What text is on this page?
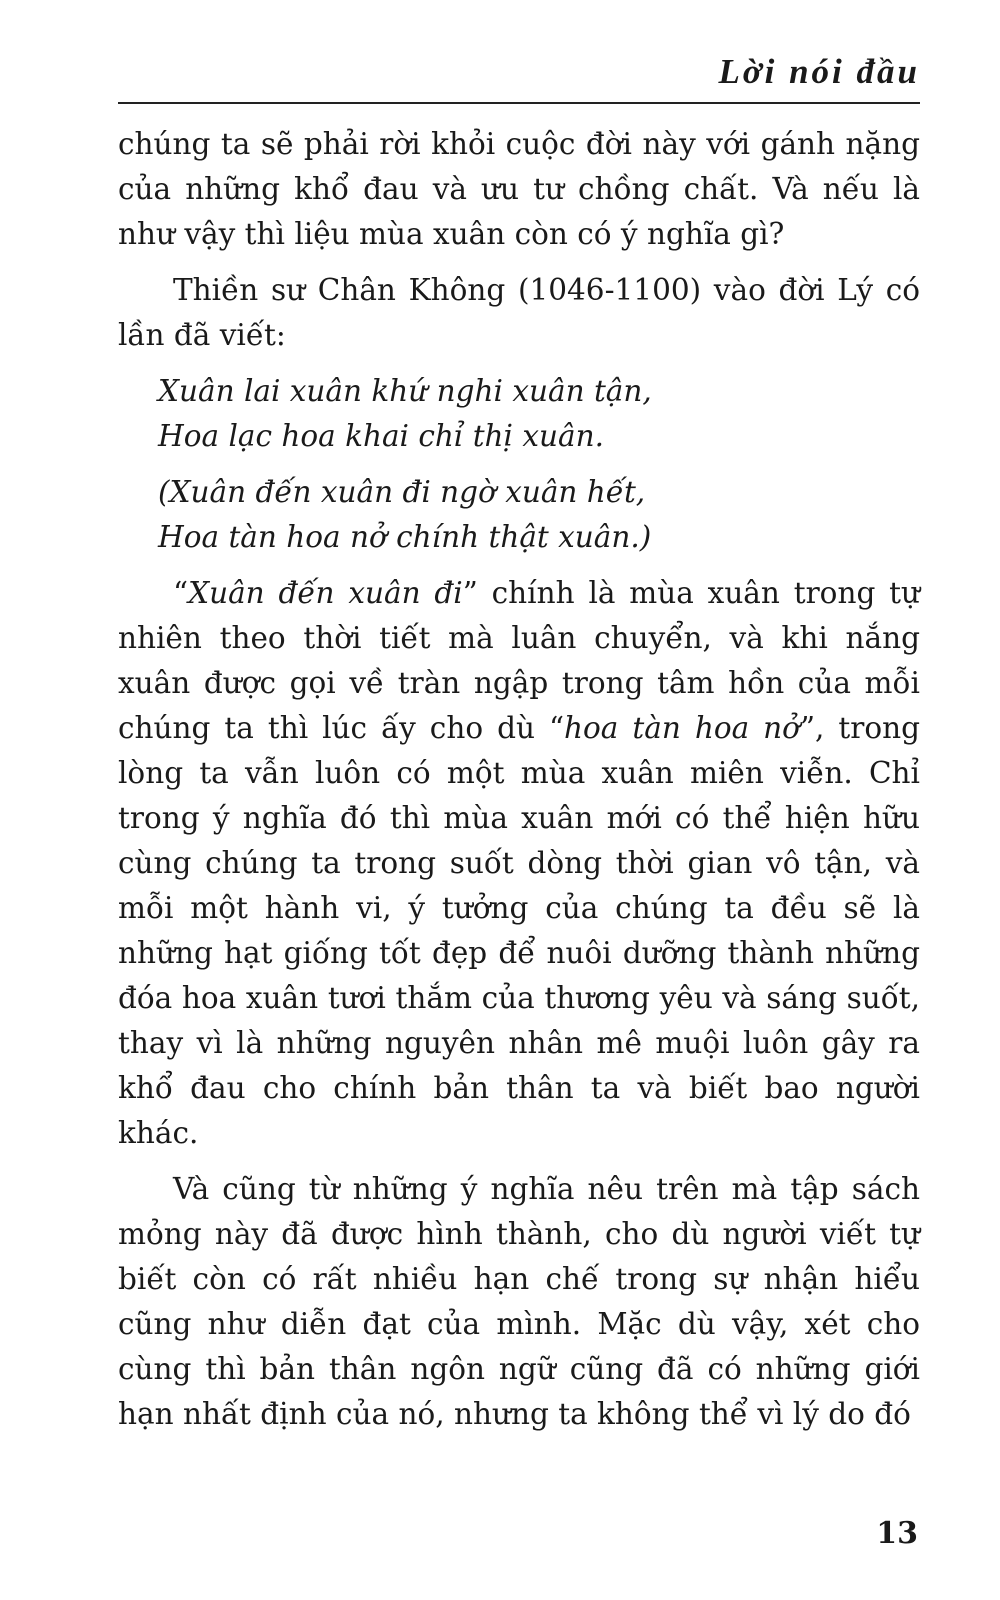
Lời nói đầu

chúng ta sẽ phải rời khỏi cuộc đời này với gánh nặng của những khổ đau và ưu tư chồng chất. Và nếu là như vậy thì liệu mùa xuân còn có ý nghĩa gì?

Thiền sư Chân Không (1046-1100) vào đời Lý có lần đã viết:

Xuân lai xuân khứ nghi xuân tận,
Hoa lạc hoa khai chỉ thị xuân.
(Xuân đến xuân đi ngờ xuân hết,
Hoa tàn hoa nở chính thật xuân.)

“Xuân đến xuân đi” chính là mùa xuân trong tự nhiên theo thời tiết mà luân chuyển, và khi nắng xuân được gọi về tràn ngập trong tâm hồn của mỗi chúng ta thì lúc ấy cho dù “hoa tàn hoa nở”, trong lòng ta vẫn luôn có một mùa xuân miên viễn. Chỉ trong ý nghĩa đó thì mùa xuân mới có thể hiện hữu cùng chúng ta trong suốt dòng thời gian vô tận, và mỗi một hành vi, ý tưởng của chúng ta đều sẽ là những hạt giống tốt đẹp để nuôi dưỡng thành những đóa hoa xuân tươi thắm của thương yêu và sáng suốt, thay vì là những nguyên nhân mê muội luôn gây ra khổ đau cho chính bản thân ta và biết bao người khác.

Và cũng từ những ý nghĩa nêu trên mà tập sách mỏng này đã được hình thành, cho dù người viết tự biết còn có rất nhiều hạn chế trong sự nhận hiểu cũng như diễn đạt của mình. Mặc dù vậy, xét cho cùng thì bản thân ngôn ngữ cũng đã có những giới hạn nhất định của nó, nhưng ta không thể vì lý do đó

13
